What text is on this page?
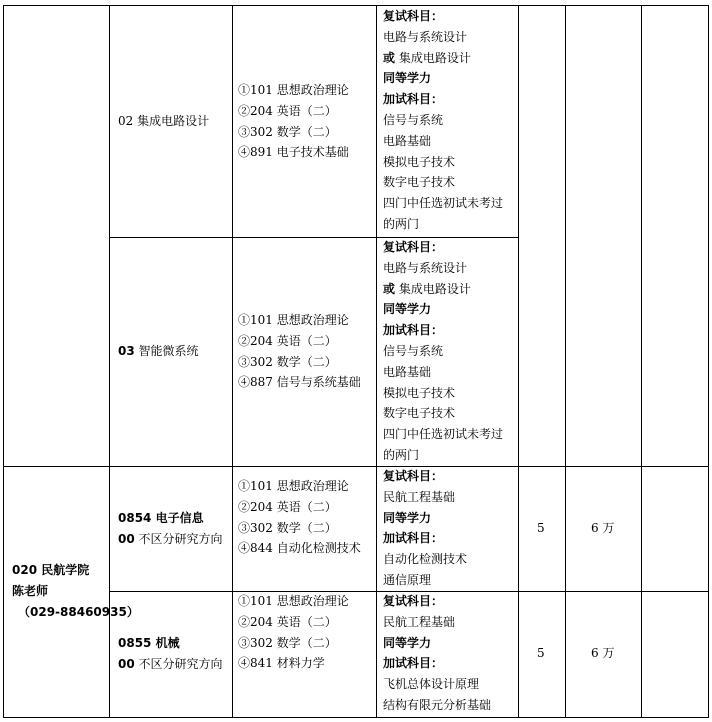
02 集成电路设计
①101 思想政治理论
②204 英语（二）
③302 数学（二）
④891 电子技术基础
复试科目：
电路与系统设计
或 集成电路设计
同等学力
加试科目：
信号与系统
电路基础
模拟电子技术
数字电子技术
四门中任选初试未考过
的两门
03 智能微系统
①101 思想政治理论
②204 英语（二）
③302 数学（二）
④887 信号与系统基础
复试科目：
电路与系统设计
或 集成电路设计
同等学力
加试科目：
信号与系统
电路基础
模拟电子技术
数字电子技术
四门中任选初试未考过
的两门
0854 电子信息
00 不区分研究方向
①101 思想政治理论
②204 英语（二）
③302 数学（二）
④844 自动化检测技术
复试科目：
民航工程基础
同等学力
加试科目：
自动化检测技术
通信原理
5	6 万
0855 机械
00 不区分研究方向
①101 思想政治理论
②204 英语（二）
③302 数学（二）
④841 材料力学
复试科目：
民航工程基础
同等学力
加试科目：
飞机总体设计原理
结构有限元分析基础
5	6 万
020 民航学院
陈老师
（029-88460935）
